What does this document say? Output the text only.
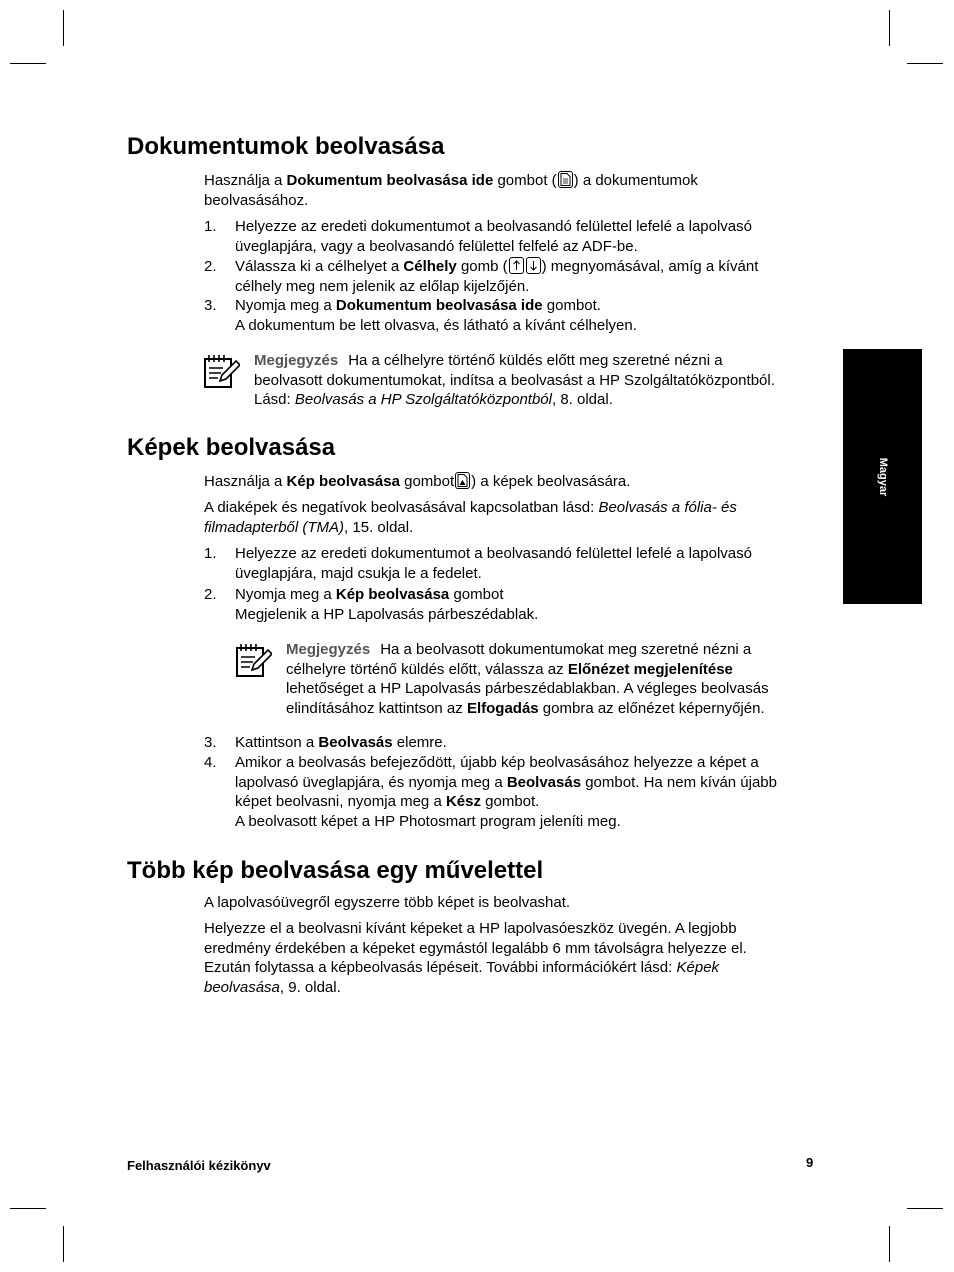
Magyar
Dokumentumok beolvasása
Használja a Dokumentum beolvasása ide gombot ( ) a dokumentumok
beolvasásához.
1. Helyezze az eredeti dokumentumot a beolvasandó felülettel lefelé a lapolvasó
üveglapjára, vagy a beolvasandó felülettel felfelé az ADF-be.
2. Válassza ki a célhelyet a Célhely gomb ( ) megnyomásával, amíg a kívánt
célhely meg nem jelenik az előlap kijelzőjén.
3. Nyomja meg a Dokumentum beolvasása ide gombot.
A dokumentum be lett olvasva, és látható a kívánt célhelyen.
Megjegyzés Ha a célhelyre történő küldés előtt meg szeretné nézni a
beolvasott dokumentumokat, indítsa a beolvasást a HP Szolgáltatóközpontból.
Lásd: Beolvasás a HP Szolgáltatóközpontból, 8. oldal.
Képek beolvasása
Használja a Kép beolvasása gombot ) a képek beolvasására.
A diaképek és negatívok beolvasásával kapcsolatban lásd: Beolvasás a fólia- és
filmadapterből (TMA), 15. oldal.
1. Helyezze az eredeti dokumentumot a beolvasandó felülettel lefelé a lapolvasó
üveglapjára, majd csukja le a fedelet.
2. Nyomja meg a Kép beolvasása gombot
Megjelenik a HP Lapolvasás párbeszédablak.
Megjegyzés Ha a beolvasott dokumentumokat meg szeretné nézni a
célhelyre történő küldés előtt, válassza az Előnézet megjelenítése
lehetőséget a HP Lapolvasás párbeszédablakban. A végleges beolvasás
elindításához kattintson az Elfogadás gombra az előnézet képernyőjén.
3. Kattintson a Beolvasás elemre.
4. Amikor a beolvasás befejeződött, újabb kép beolvasásához helyezze a képet a
lapolvasó üveglapjára, és nyomja meg a Beolvasás gombot. Ha nem kíván újabb
képet beolvasni, nyomja meg a Kész gombot.
A beolvasott képet a HP Photosmart program jeleníti meg.
Több kép beolvasása egy művelettel
A lapolvasóüvegről egyszerre több képet is beolvashat.
Helyezze el a beolvasni kívánt képeket a HP lapolvasóeszköz üvegén. A legjobb
eredmény érdekében a képeket egymástól legalább 6 mm távolságra helyezze el.
Ezután folytassa a képbeolvasás lépéseit. További információkért lásd: Képek
beolvasása, 9. oldal.
Felhasználói kézikönyv	9
